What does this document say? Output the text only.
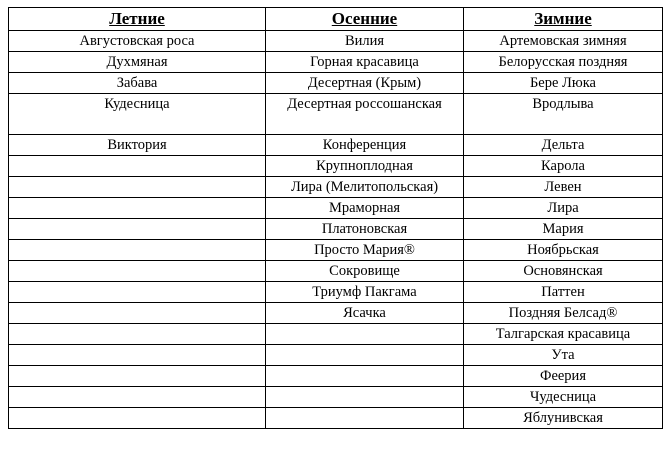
Летние	Осенние	Зимние
Августовская роса	Вилия	Артемовская зимняя
Духмяная	Горная красавица	Белорусская поздняя
Забава	Десертная (Крым)	Бере Люка
Кудесница	Десертная россошанская	Вродлыва
Виктория	Конференция	Дельта
	Крупноплодная	Карола
	Лира (Мелитопольская)	Левен
	Мраморная	Лира
	Платоновская	Мария
	Просто Мария®	Ноябрьская
	Сокровище	Основянская
	Триумф Пакгама	Паттен
	Ясачка	Поздняя Белсад®
		Талгарская красавица
		Ута
		Феерия
		Чудесница
		Яблунивская
